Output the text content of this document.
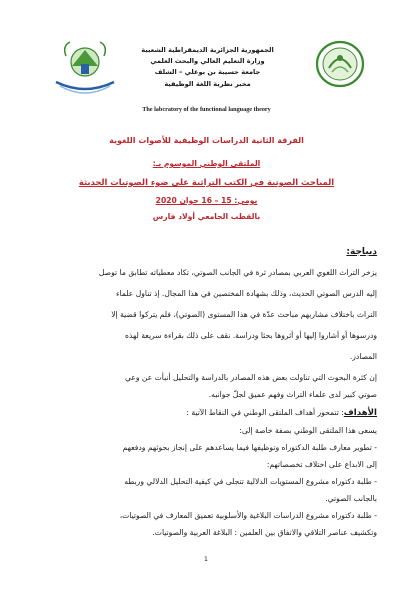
الجمهورية الجزائرية الديمقراطية الشعبية
وزارة التعليم العالي والبحث العلمي
جامعة حسيبة بن بوعلي – الشلف
مخبر نظرية اللغة الوظيفية
The labcratory of the functional language theory
الفرقة الثانية الدراسات الوظيفية للأصوات اللغوية
الملتقى الوطني الموسوم بـ:
المباحث الصوتية في الكتب التراثية على ضوء الصوتيات الحديثة
يومي: 15 – 16 جوان 2020
بالقطب الجامعي أولاد فارس
ديباجة:
يزخر التراث اللغوي العربي بمصادر ثرة في الجانب الصوتي، تكاد معطياته تطابق ما توصل
إليه الدرس الصوتي الحديث، وذلك بشهادة المختصين في هذا المجال. إذ تناول علماء
التراث باختلاف مشاربهم مباحث عدّة في هذا المستوى (الصوتي)، فلم يتركوا قضية إلا
ودرسوها أو أشاروا إليها أو أثروها بحثا ودراسة. نقف على ذلك بقراءة سريعة لهذه
المصادر.
إن كثرة البحوث التي تناولت بعض هذه المصادر بالدراسة والتحليل أنبأت عن وعي
صوتي كبير لدى علماء التراث وفهم عميق لجلّ جوانبه.
الأهداف: تتمحور أهداف الملتقى الوطني في النقاط الآتية :
يسعى هذا الملتقى الوطني بصفة خاصة إلى:
- تطوير معارف طلبة الدكتوراه وتوظيفها فيما يساعدهم على إنجاز بحوثهم ودفعهم
إلى الابداع على اختلاف تخصصاتهم:
- طلبة دكتوراه مشروع المستويات الدلالية تتجلى في كيفية التحليل الدلالي وربطه
بالجانب الصوتي.
- طلبة دكتوراه مشروع الدراسات البلاغية والأسلوبية تعميق المعارف في الصوتيات،
وتكشيف عناصر التلاقي والاتفاق بين العلمين : البلاغة العربية والصوتيات.
1
